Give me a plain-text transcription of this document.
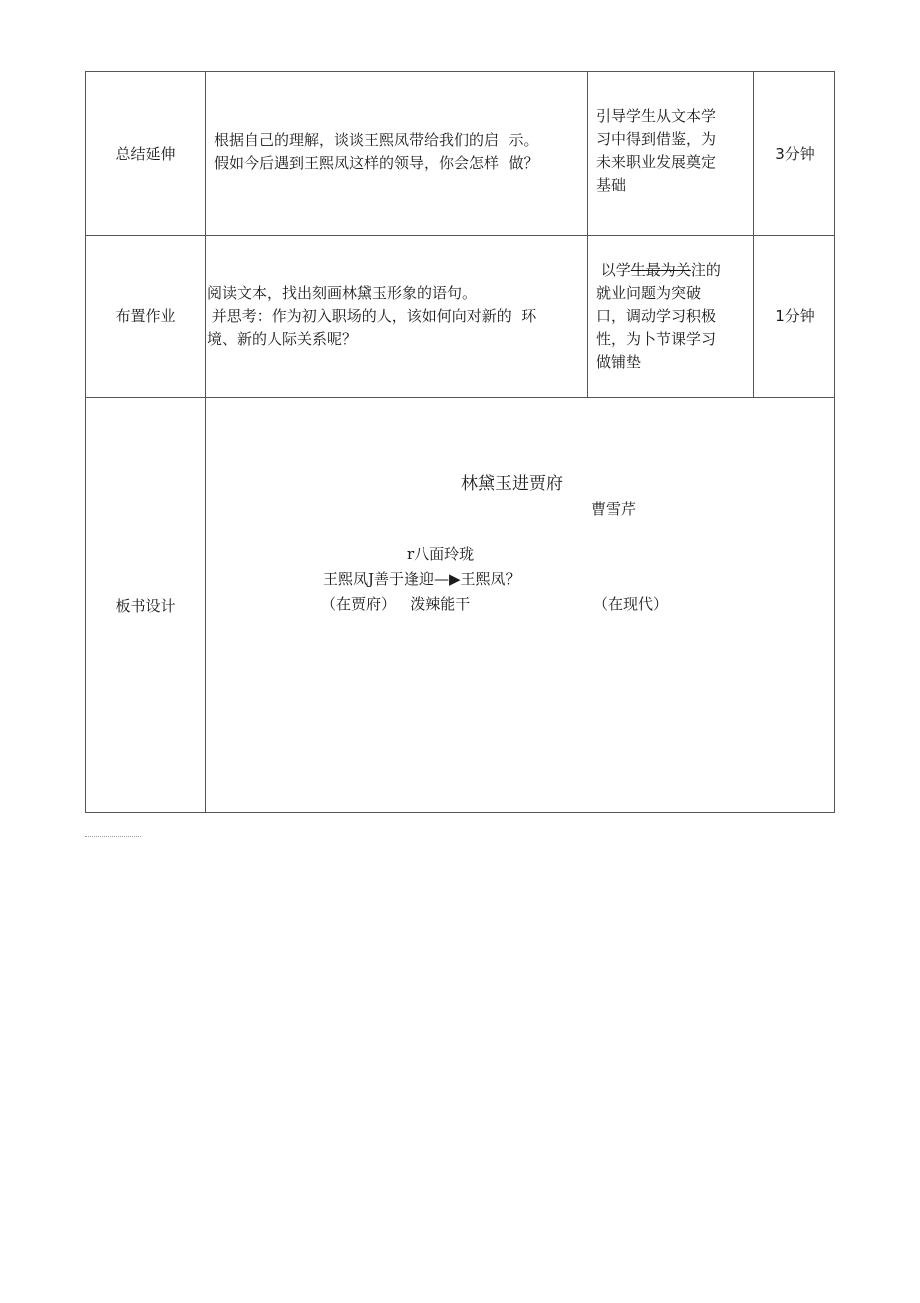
总结延伸
根据自己的理解，谈谈王熙凤带给我们的启  示。
假如今后遇到王熙凤这样的领导，你会怎样  做？
引导学生从文本学
习中得到借鉴，为
未来职业发展奠定
基础
3分钟
布置作业
阅读文本，找出刻画林黛玉形象的语句。
并思考：作为初入职场的人，该如何向对新的  环
境、新的人际关系呢？
以学生最为关注的
就业问题为突破
口，调动学习积极
性，为卜节课学习
做铺垫
1分钟
板书设计
林黛玉进贾府
曹雪芹
r八面玲珑
王熙凤J善于逢迎—▶王熙凤？
（在贾府）   泼辣能干	（在现代）
